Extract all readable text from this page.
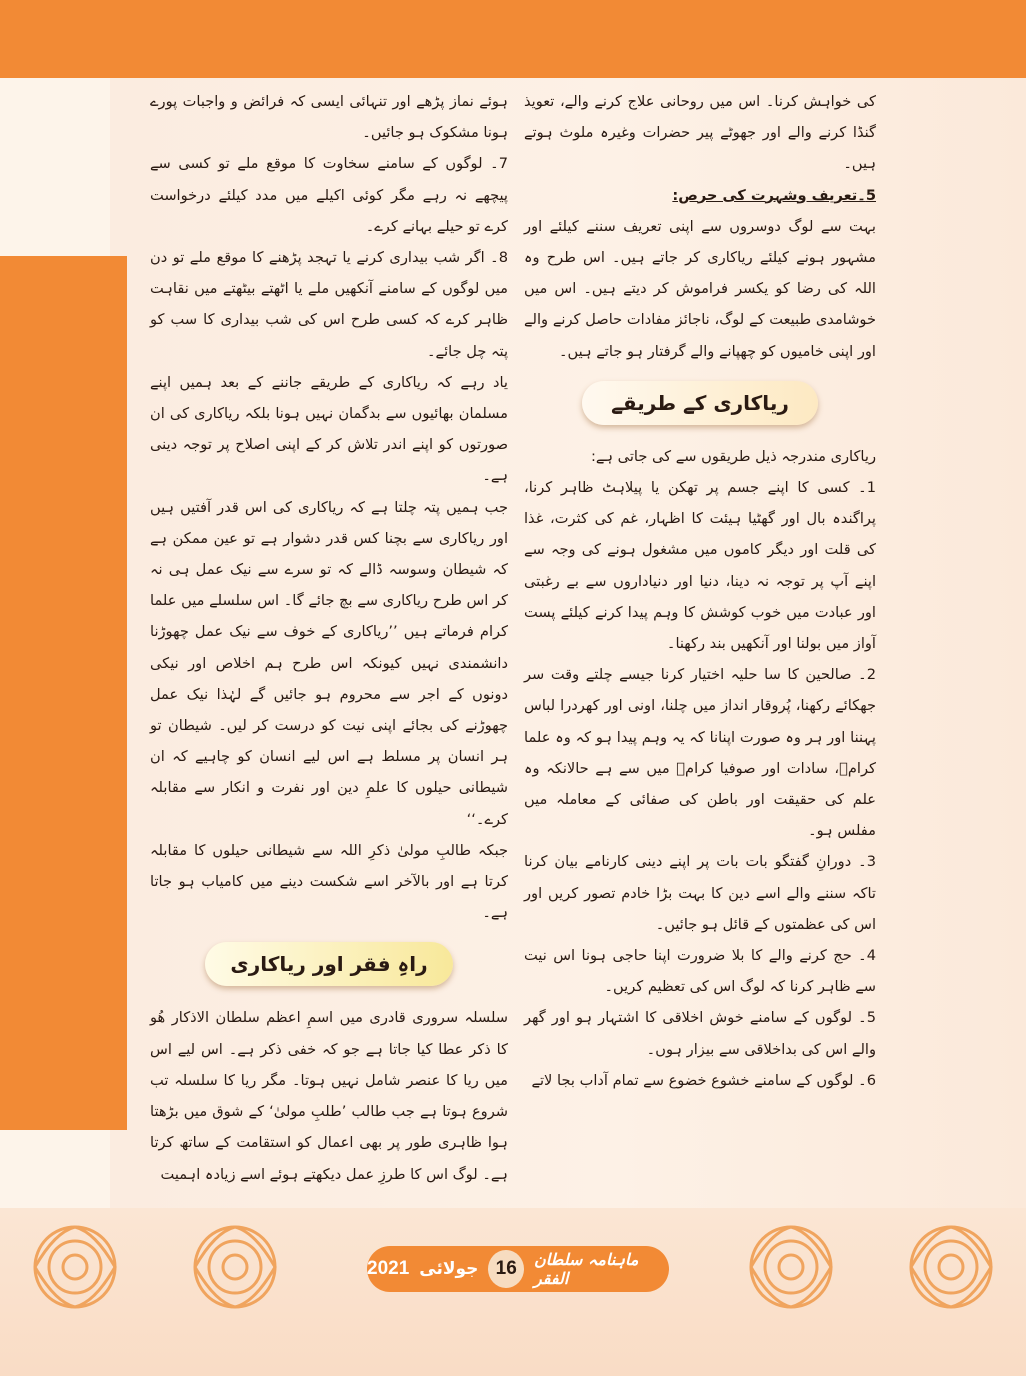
کی خواہش کرنا۔ اس میں روحانی علاج کرنے والے، تعویذ گنڈا کرنے والے اور جھوٹے پیر حضرات وغیرہ ملوث ہوتے ہیں۔

5۔تعریف وشہرت کی حرص:

بہت سے لوگ دوسروں سے اپنی تعریف سننے کیلئے اور مشہور ہونے کیلئے ریاکاری کر جاتے ہیں۔ اس طرح وہ اللہ کی رضا کو یکسر فراموش کر دیتے ہیں۔ اس میں خوشامدی طبیعت کے لوگ، ناجائز مفادات حاصل کرنے والے اور اپنی خامیوں کو چھپانے والے گرفتار ہو جاتے ہیں۔

ریاکاری کے طریقے

ریاکاری مندرجہ ذیل طریقوں سے کی جاتی ہے:

1۔ کسی کا اپنے جسم پر تھکن یا پیلاہٹ ظاہر کرنا، پراگندہ بال اور گھٹیا ہیئت کا اظہار، غم کی کثرت، غذا کی قلت اور دیگر کاموں میں مشغول ہونے کی وجہ سے اپنے آپ پر توجہ نہ دینا، دنیا اور دنیاداروں سے بے رغبتی اور عبادت میں خوب کوشش کا وہم پیدا کرنے کیلئے پست آواز میں بولنا اور آنکھیں بند رکھنا۔

2۔ صالحین کا سا حلیہ اختیار کرنا جیسے چلتے وقت سر جھکائے رکھنا، پُروقار انداز میں چلنا، اونی اور کھردرا لباس پہننا اور ہر وہ صورت اپنانا کہ یہ وہم پیدا ہو کہ وہ علما کرامؒ، سادات اور صوفیا کرامؒ میں سے ہے حالانکہ وہ علم کی حقیقت اور باطن کی صفائی کے معاملہ میں مفلس ہو۔

3۔ دورانِ گفتگو بات بات پر اپنے دینی کارنامے بیان کرنا تاکہ سننے والے اسے دین کا بہت بڑا خادم تصور کریں اور اس کی عظمتوں کے قائل ہو جائیں۔

4۔ حج کرنے والے کا بلا ضرورت اپنا حاجی ہونا اس نیت سے ظاہر کرنا کہ لوگ اس کی تعظیم کریں۔

5۔ لوگوں کے سامنے خوش اخلاقی کا اشتہار ہو اور گھر والے اس کی بداخلاقی سے بیزار ہوں۔

6۔ لوگوں کے سامنے خشوع خضوع سے تمام آداب بجا لاتے

ہوئے نماز پڑھے اور تنہائی ایسی کہ فرائض و واجبات پورے ہونا مشکوک ہو جائیں۔

7۔ لوگوں کے سامنے سخاوت کا موقع ملے تو کسی سے پیچھے نہ رہے مگر کوئی اکیلے میں مدد کیلئے درخواست کرے تو حیلے بہانے کرے۔

8۔ اگر شب بیداری کرنے یا تہجد پڑھنے کا موقع ملے تو دن میں لوگوں کے سامنے آنکھیں ملے یا اٹھتے بیٹھتے میں نقاہت ظاہر کرے کہ کسی طرح اس کی شب بیداری کا سب کو پتہ چل جائے۔

یاد رہے کہ ریاکاری کے طریقے جاننے کے بعد ہمیں اپنے مسلمان بھائیوں سے بدگمان نہیں ہونا بلکہ ریاکاری کی ان صورتوں کو اپنے اندر تلاش کر کے اپنی اصلاح پر توجہ دینی ہے۔

جب ہمیں پتہ چلتا ہے کہ ریاکاری کی اس قدر آفتیں ہیں اور ریاکاری سے بچنا کس قدر دشوار ہے تو عین ممکن ہے کہ شیطان وسوسہ ڈالے کہ تو سرے سے نیک عمل ہی نہ کر اس طرح ریاکاری سے بچ جائے گا۔ اس سلسلے میں علما کرام فرماتے ہیں ’’ریاکاری کے خوف سے نیک عمل چھوڑنا دانشمندی نہیں کیونکہ اس طرح ہم اخلاص اور نیکی دونوں کے اجر سے محروم ہو جائیں گے لہٰذا نیک عمل چھوڑنے کی بجائے اپنی نیت کو درست کر لیں۔ شیطان تو ہر انسان پر مسلط ہے اس لیے انسان کو چاہیے کہ ان شیطانی حیلوں کا علمِ دین اور نفرت و انکار سے مقابلہ کرے۔‘‘

جبکہ طالبِ مولیٰ ذکرِ اللہ سے شیطانی حیلوں کا مقابلہ کرتا ہے اور بالآخر اسے شکست دینے میں کامیاب ہو جاتا ہے۔

راہِ فقر اور ریاکاری

سلسلہ سروری قادری میں اسمِ اعظم سلطان الاذکار ھُو کا ذکر عطا کیا جاتا ہے جو کہ خفی ذکر ہے۔ اس لیے اس میں ریا کا عنصر شامل نہیں ہوتا۔ مگر ریا کا سلسلہ تب شروع ہوتا ہے جب طالب ’طلبِ مولیٰ‘ کے شوق میں بڑھتا ہوا ظاہری طور پر بھی اعمال کو استقامت کے ساتھ کرتا ہے۔ لوگ اس کا طرزِ عمل دیکھتے ہوئے اسے زیادہ اہمیت

2021 جولائی 16	ماہنامہ سلطان الفقر
